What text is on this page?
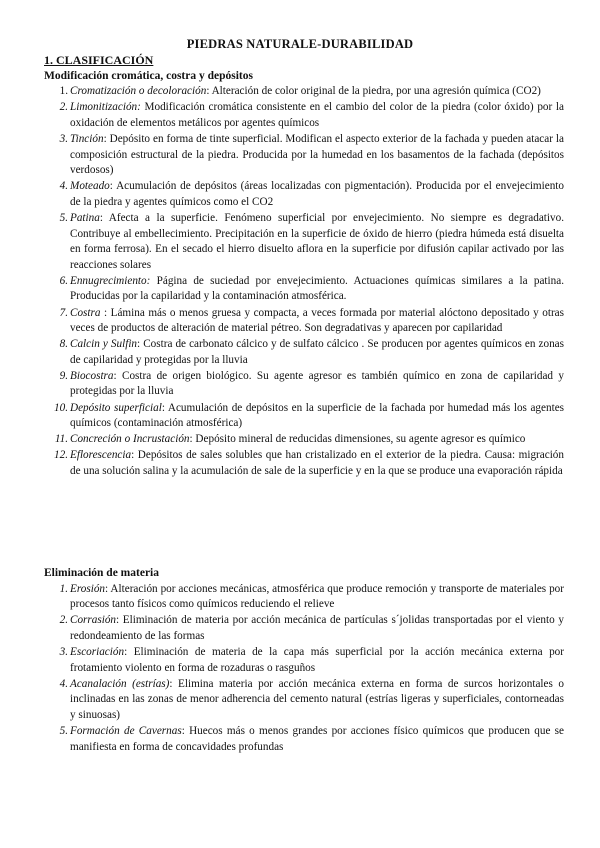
PIEDRAS NATURALE-DURABILIDAD
1. CLASIFICACIÓN
Modificación cromática, costra y depósitos
1. Cromatización o decoloración: Alteración de color original de la piedra, por una agresión química (CO2)
2. Limonitización: Modificación cromática consistente en el cambio del color de la piedra (color óxido) por la oxidación de elementos metálicos por agentes químicos
3. Tinción: Depósito en forma de tinte superficial. Modifican el aspecto exterior de la fachada y pueden atacar la composición estructural de la piedra. Producida por la humedad en los basamentos de la fachada (depósitos verdosos)
4. Moteado: Acumulación de depósitos (áreas localizadas con pigmentación). Producida por el envejecimiento de la piedra y agentes químicos como el CO2
5. Patina: Afecta a la superficie. Fenómeno superficial por envejecimiento. No siempre es degradativo. Contribuye al embellecimiento. Precipitación en la superficie de óxido de hierro (piedra húmeda está disuelta en forma ferrosa). En el secado el hierro disuelto aflora en la superficie por difusión capilar activado por las reacciones solares
6. Ennugrecimiento: Página de suciedad por envejecimiento. Actuaciones químicas similares a la patina. Producidas por la capilaridad y la contaminación atmosférica.
7. Costra : Lámina más o menos gruesa y compacta, a veces formada por material alóctono depositado y otras veces de productos de alteración de material pétreo. Son degradativas y aparecen por capilaridad
8. Calcin y Sulfin: Costra de carbonato cálcico y de sulfato cálcico . Se producen por agentes químicos en zonas de capilaridad y protegidas por la lluvia
9. Biocostra: Costra de origen biológico. Su agente agresor es también químico en zona de capilaridad y protegidas por la lluvia
10. Depósito superficial: Acumulación de depósitos en la superficie de la fachada por humedad más los agentes químicos (contaminación atmosférica)
11. Concreción o Incrustación: Depósito mineral de reducidas dimensiones, su agente agresor es químico
12. Eflorescencia: Depósitos de sales solubles que han cristalizado en el exterior de la piedra. Causa: migración de una solución salina y la acumulación de sale de la superficie y en la que se produce una evaporación rápida
Eliminación de materia
1. Erosión: Alteración por acciones mecánicas, atmosférica que produce remoción y transporte de materiales por procesos tanto físicos como químicos reduciendo el relieve
2. Corrasión: Eliminación de materia por acción mecánica de partículas s´jolidas transportadas por el viento y redondeamiento de las formas
3. Escoriación: Eliminación de materia de la capa más superficial por la acción mecánica externa por frotamiento violento en forma de rozaduras o rasguños
4. Acanalación (estrías): Elimina materia por acción mecánica externa en forma de surcos horizontales o inclinadas en las zonas de menor adherencia del cemento natural (estrías ligeras y superficiales, contorneadas y sinuosas)
5. Formación de Cavernas: Huecos más o menos grandes por acciones físico químicos que producen que se manifiesta en forma de concavidades profundas
